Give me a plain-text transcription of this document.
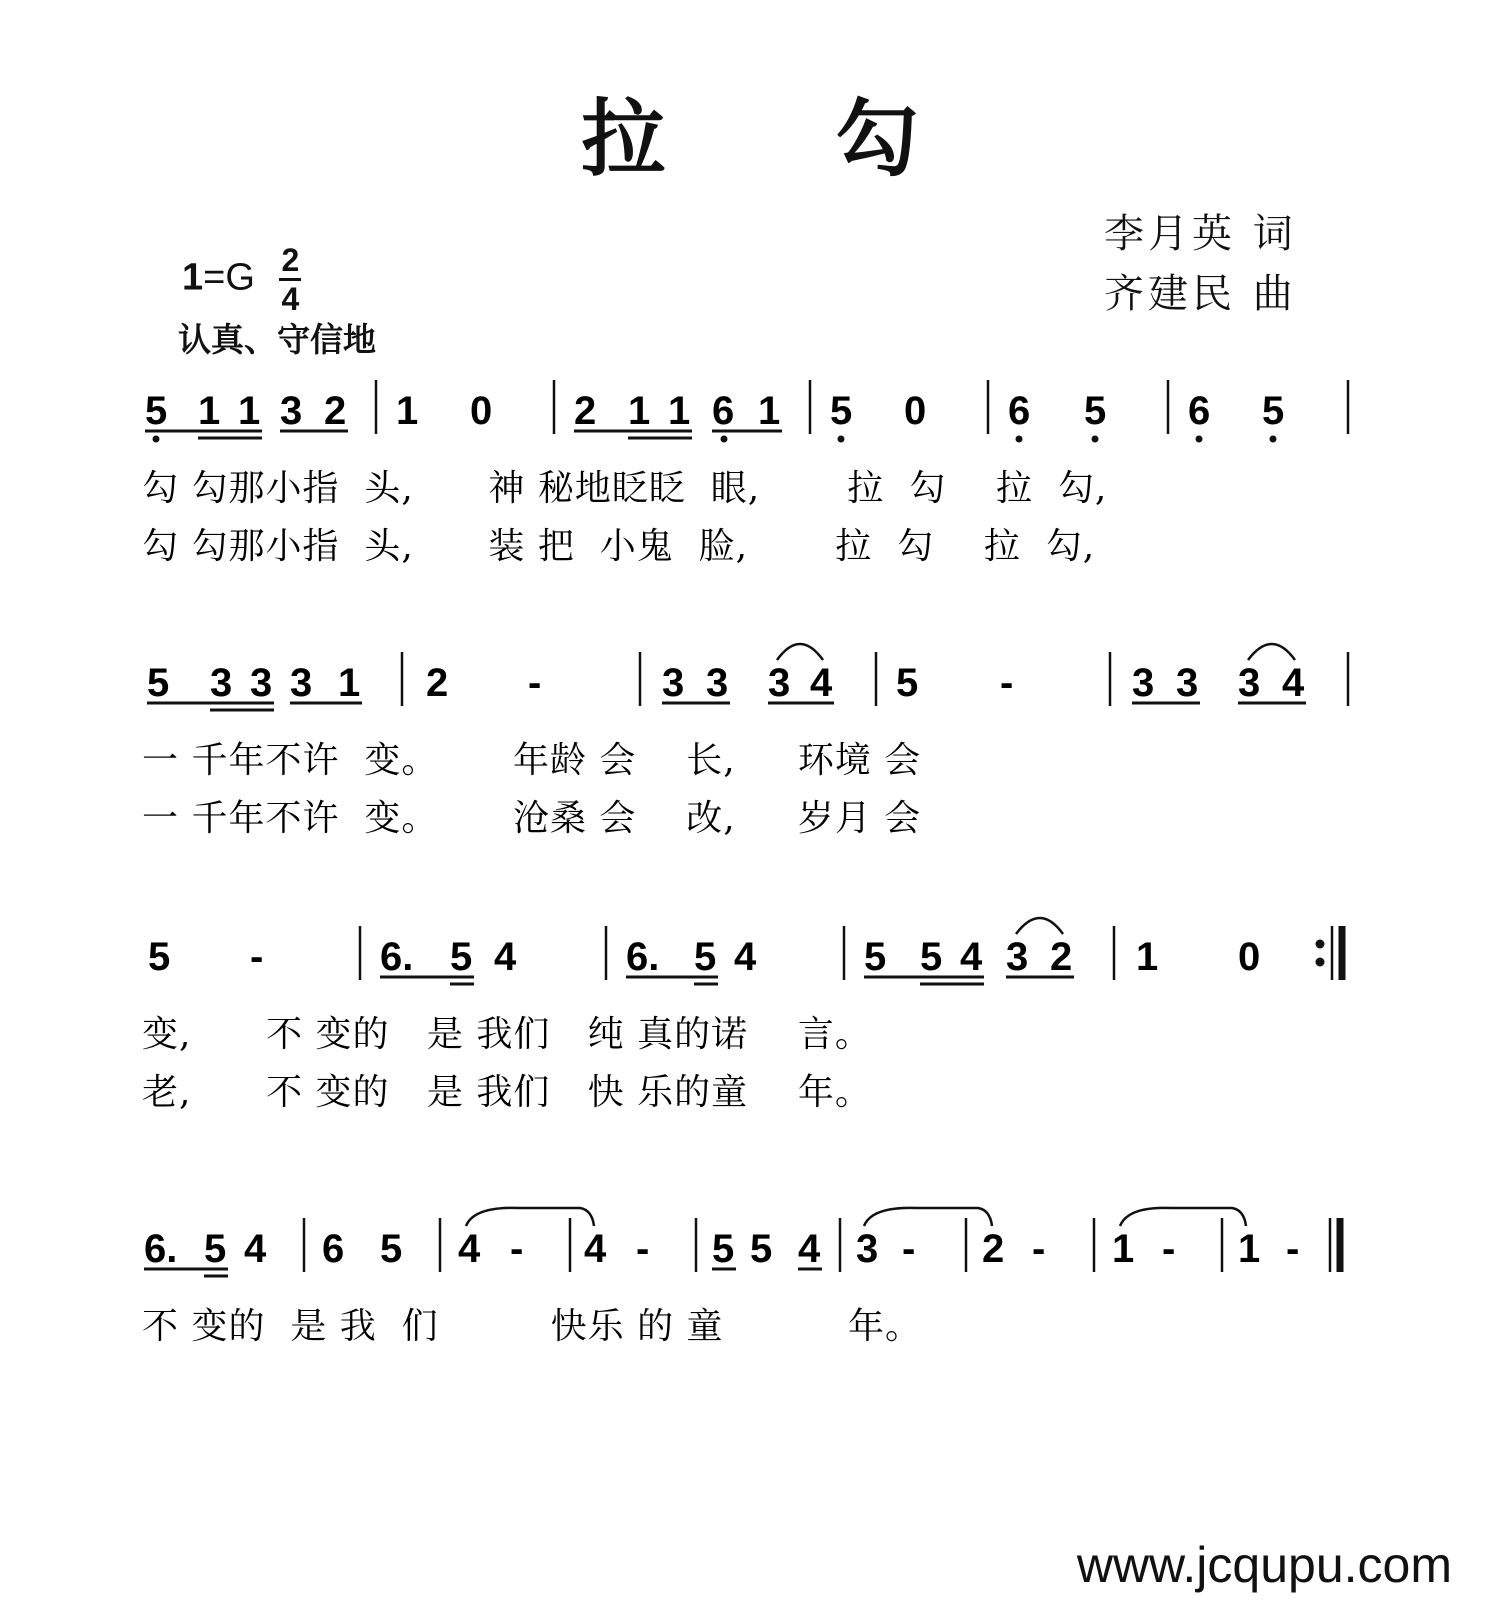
拉 勾
李月英 词
齐建民 曲
$1=G \frac{2}{4}$
认真、守信地
5 1 1 3 2 1 0 2 1 1 6 1 5 0 6 5 6 5
勾 勾那小指  头,      神 秘地眨眨  眼,       拉  勾    拉  勾,
勾 勾那小指  头,      装 把  小鬼  脸,       拉  勾    拉  勾,
5 3 3 3 1 2 -	3 3 3 4 5 -	3 3 3 4
一 千年不许  变。      年龄 会    长,     环境 会
一 千年不许  变。      沧桑 会    改,     岁月 会
5 -	6. 5 4	6. 5 4	5 5 4 3 2 1 0
变,      不 变的   是 我们   纯 真的诺    言。
老,      不 变的   是 我们   快 乐的童    年。
6. 5 4 6 5 4 - 4 - 5 5 4 3 - 2 - 1 - 1 -
不 变的  是 我  们         快乐 的 童          年。
www.jcqupu.com
